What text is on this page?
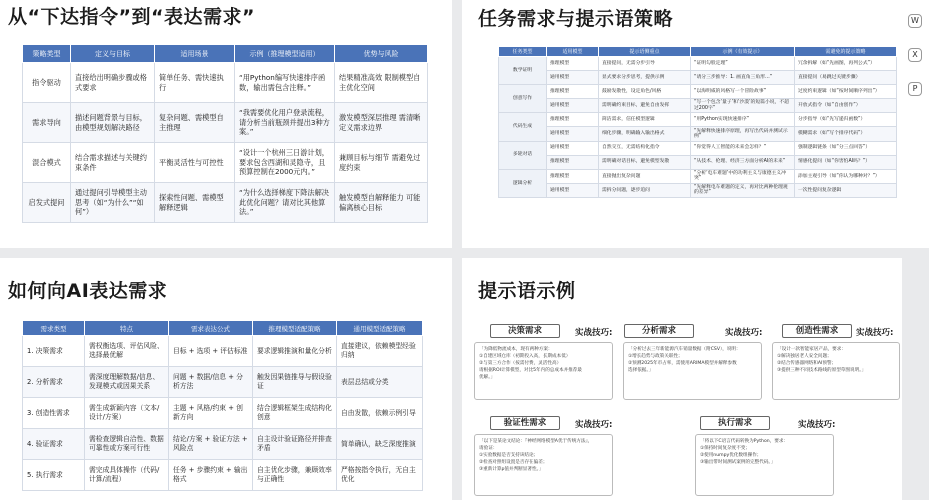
从“下达指令”到“表达需求”
策略类型	定义与目标	适用场景	示例（推理模型适用）	优势与风险
指令驱动	直接给出明确步骤或格式要求	简单任务、需快速执行	“用Python编写快速排序函数，输出需包含注释。”	结果精准高效 限制模型自主优化空间
需求导向	描述问题背景与目标，由模型规划解决路径	复杂问题、需模型自主推理	“我需要优化用户登录流程，请分析当前瓶颈并提出3种方案。”	激发模型深层推理 需清晰定义需求边界
混合模式	结合需求描述与关键约束条件	平衡灵活性与可控性	“设计一个杭州三日游计划，要求包含西湖和灵隐寺，且预算控制在2000元内。”	兼顾目标与细节 需避免过度约束
启发式提问	通过提问引导模型主动思考（如“为什么”“如何”）	探索性问题、需模型解释逻辑	“为什么选择梯度下降法解决此优化问题？请对比其他算法。”	触发模型自解释能力 可能偏离核心目标
任务需求与提示语策略
任务类型	适用模型	提示语侧重点	示例（有效提示）	需避免的提示策略
数学证明	推理模型	直接提问，无需分步引导	“证明勾股定理”	冗余拆解（如“先画图，再列公式”）
	通用模型	显式要求分步思考，提供示例	“请分三步推导：1. 画直角三角形…”	直接提问（易跳过关键步骤）
创意写作	推理模型	鼓励发散性，设定角色/风格	“以海明威的风格写一个冒险故事”	过度约束逻辑（如“按时间顺序列出”）
	通用模型	需明确约束目标，避免自由发挥	“写一个包含‘量子’和‘沙漠’的短篇小说，不超过200字”	开放式指令（如“自由创作”）
代码生成	推理模型	简洁需求，信任模型逻辑	“用Python实现快速排序”	分步指导（如“先写递归函数”）
	通用模型	细化步骤，明确输入输出格式	“先解释快速排序原理，再写出代码并测试示例”	模糊需求（如“写个排序代码”）
多轮对话	通用模型	自然交互，无需结构化指令	“你觉得人工智能的未来会怎样？”	强制逻辑链条（如“分三点回答”）
	推理模型	需明确对话目标，避免模型发散	“从技术、伦理、经济三方面分析AI的未来”	情感化提问（如“你害怕AI吗？”）
逻辑分析	推理模型	直接抛出复杂问题	“分析‘电车难题’中的功利主义与康德主义冲突”	添加主观引导（如“你认为哪种对？”）
	通用模型	需拆分问题，逐步追问	“先解释电车难题的定义，再对比两种伦理观的差异”	一次性提问复杂逻辑
W
X
P
如何向AI表达需求
需求类型	特点	需求表达公式	推理模型适配策略	通用模型适配策略
1. 决策需求	需权衡选项、评估风险、选择最优解	目标 + 选项 + 评估标准	要求逻辑推演和量化分析	直接建议，依赖模型经验归纳
2. 分析需求	需深度理解数据/信息、发现模式或因果关系	问题 + 数据/信息 + 分析方法	触发因果链推导与假设验证	表层总结或分类
3. 创造性需求	需生成新颖内容（文本/设计/方案）	主题 + 风格/约束 + 创新方向	结合逻辑框架生成结构化创意	自由发散，依赖示例引导
4. 验证需求	需检查逻辑自洽性、数据可靠性或方案可行性	结论/方案 + 验证方法 + 风险点	自主设计验证路径并排查矛盾	简单确认，缺乏深度推演
5. 执行需求	需完成具体操作（代码/计算/流程）	任务 + 步骤约束 + 输出格式	自主优化步骤，兼顾效率与正确性	严格按指令执行，无自主优化
提示语示例
「为降低物流成本，现有两种方案：
①自建区域仓库（初期投入高，长期成本低）
②与第三方合作（按需付费，灵活性高）
请根据ROI计算模型，对比5年内的总成本并推荐最
优解。」
决策需求	实战技巧:
「分析过去三年新能源汽车销量数据（附CSV），说明：
①增长趋势与政策关联性；
②预测2025年市占率，需使用ARIMA模型并解释参数
选择依据。」
分析需求	实战技巧:
「设计一款智能家居产品，要求：
①解决独居老人安全问题；
②结合传感器网络和AI预警；
③提供三种不同技术路线的原型草图说明。」
创造性需求	实战技巧:
「以下是某论文结论：『神经网络模型A优于传统方法』，
请验证：
①实验数据是否支持该结论；
②检查对照组设置是否存在偏差；
③重新计算p值并判断显著性。」
验证性需求	实战技巧:
「将以下C语言代码转换为Python，要求：
①保持时间复杂度不变；
②使用numpy优化数组操作；
③输出带时间测试案例的完整代码。」
执行需求	实战技巧:
